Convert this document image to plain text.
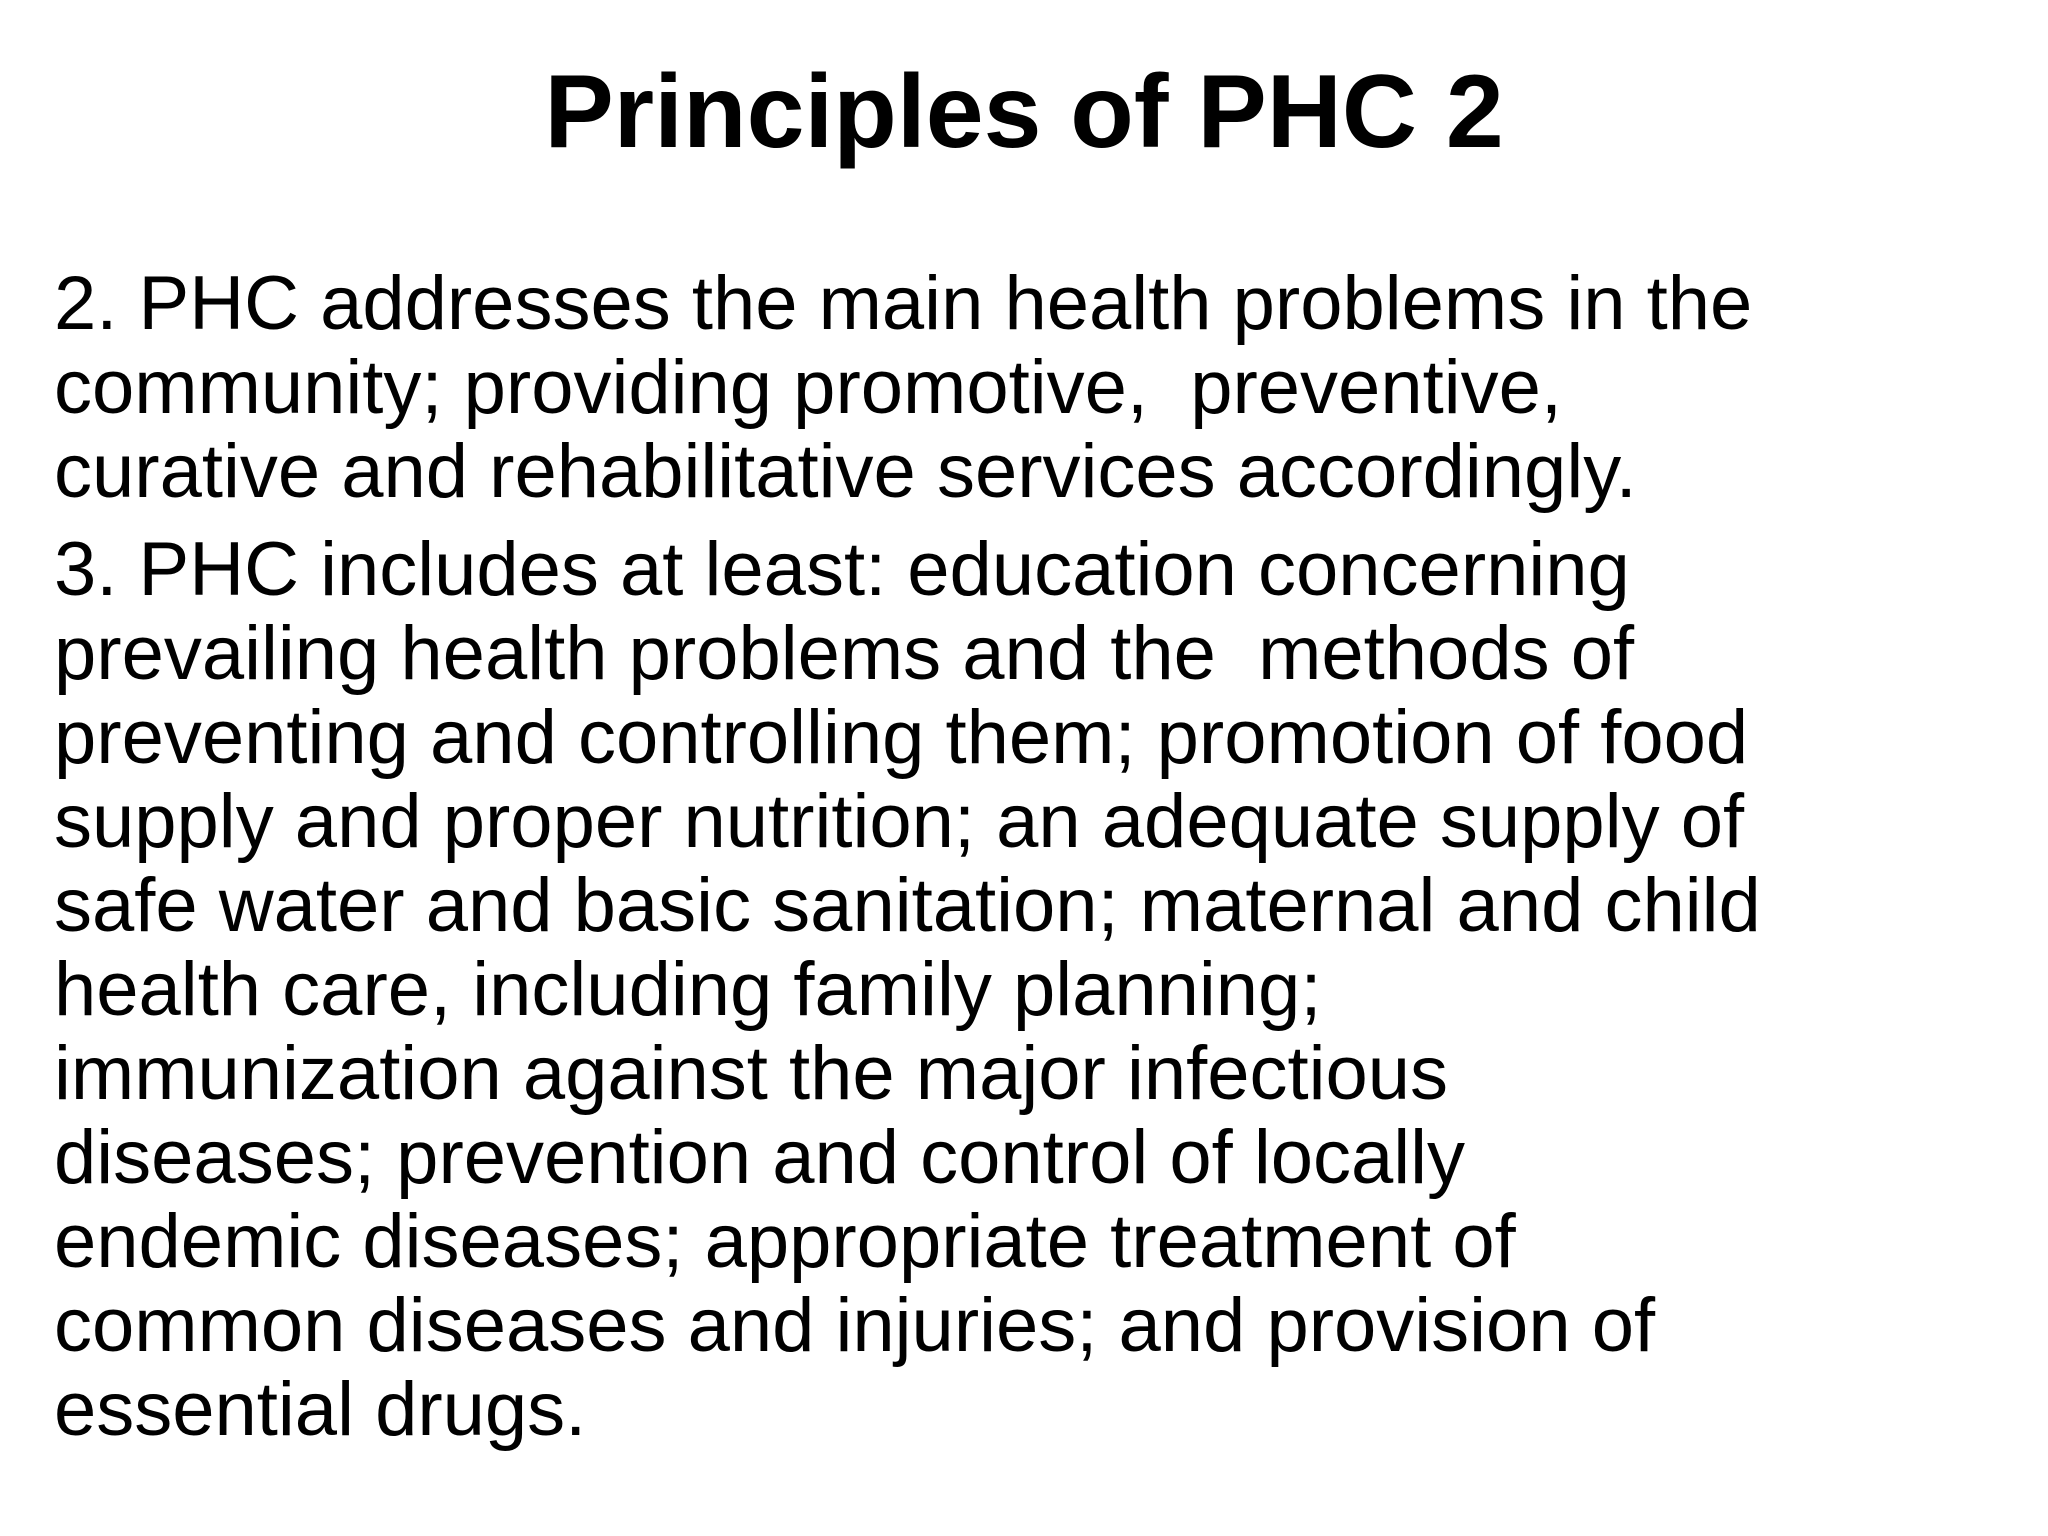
Principles of PHC 2

2. PHC addresses the main health problems in the
community; providing promotive,  preventive,
curative and rehabilitative services accordingly.

3. PHC includes at least: education concerning
prevailing health problems and the  methods of
preventing and controlling them; promotion of food
supply and proper nutrition; an adequate supply of
safe water and basic sanitation; maternal and child
health care, including family planning;
immunization against the major infectious
diseases; prevention and control of locally
endemic diseases; appropriate treatment of
common diseases and injuries; and provision of
essential drugs.
